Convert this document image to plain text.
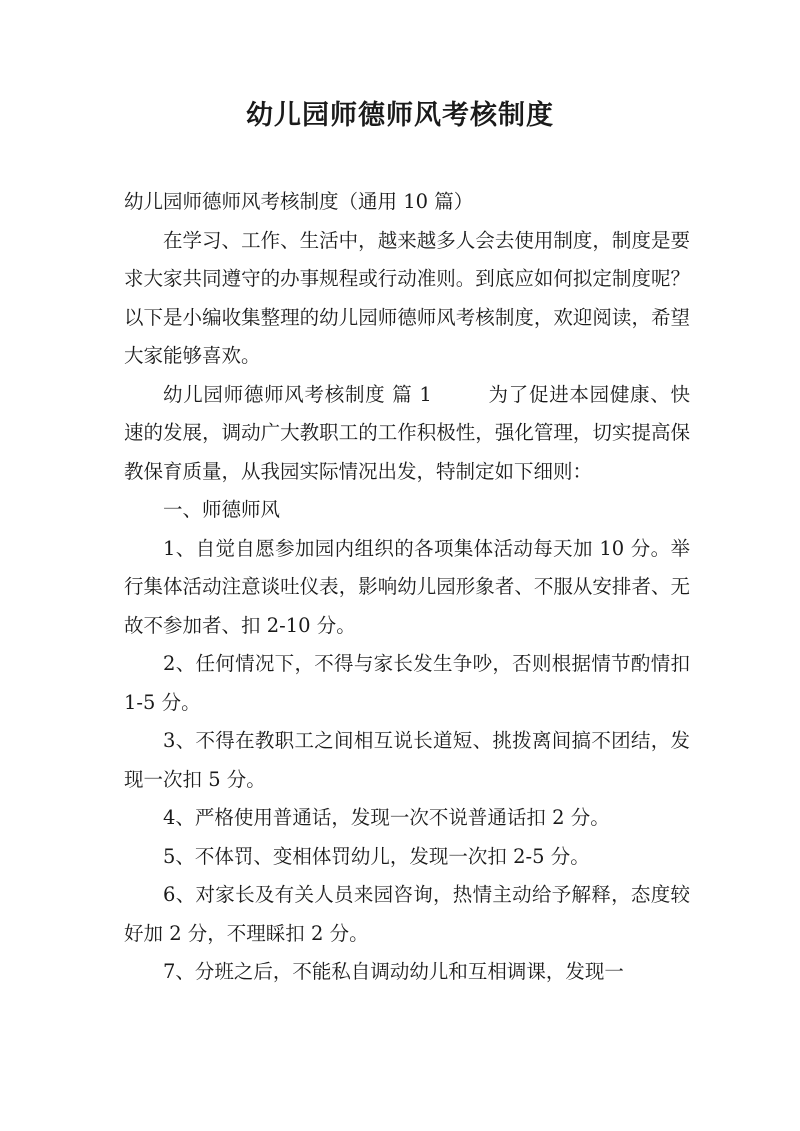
幼儿园师德师风考核制度

幼儿园师德师风考核制度（通用 10 篇）

在学习、工作、生活中，越来越多人会去使用制度，制度是要求大家共同遵守的办事规程或行动准则。到底应如何拟定制度呢？以下是小编收集整理的幼儿园师德师风考核制度，欢迎阅读，希望大家能够喜欢。

幼儿园师德师风考核制度 篇 1	为了促进本园健康、快速的发展，调动广大教职工的工作积极性，强化管理，切实提高保教保育质量，从我园实际情况出发，特制定如下细则：

一、师德师风

1、自觉自愿参加园内组织的各项集体活动每天加 10 分。举行集体活动注意谈吐仪表，影响幼儿园形象者、不服从安排者、无故不参加者、扣 2-10 分。

2、任何情况下，不得与家长发生争吵，否则根据情节酌情扣 1-5 分。

3、不得在教职工之间相互说长道短、挑拨离间搞不团结，发现一次扣 5 分。

4、严格使用普通话，发现一次不说普通话扣 2 分。

5、不体罚、变相体罚幼儿，发现一次扣 2-5 分。

6、对家长及有关人员来园咨询，热情主动给予解释，态度较好加 2 分，不理睬扣 2 分。

7、分班之后，不能私自调动幼儿和互相调课，发现一
